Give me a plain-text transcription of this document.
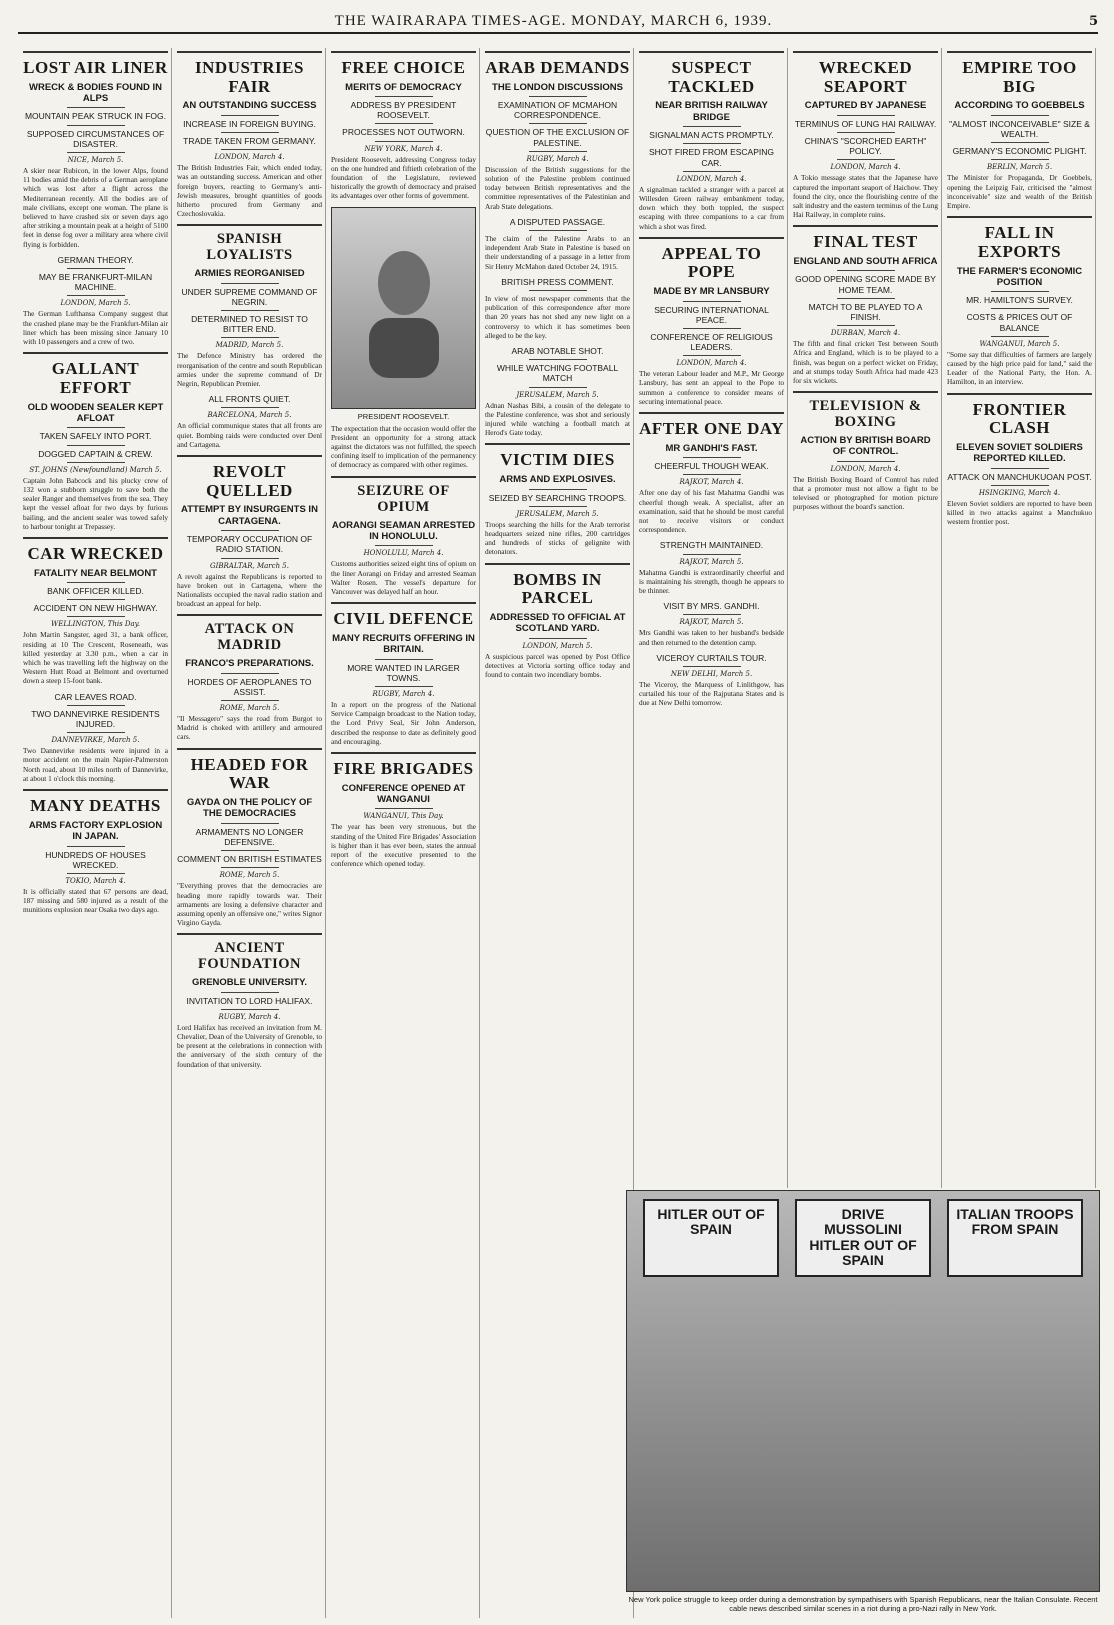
THE WAIRARAPA TIMES-AGE. MONDAY, MARCH 6, 1939.	5
LOST AIR LINER
WRECK & BODIES FOUND IN ALPS
MOUNTAIN PEAK STRUCK IN FOG.
SUPPOSED CIRCUMSTANCES OF DISASTER.
NICE, March 5.

A skier near Rubicon, in the lower Alps, found 11 bodies amid the debris of a German aeroplane which was lost after a flight across the Mediterranean recently. All the bodies are of male civilians, except one woman. The plane is believed to have crashed six or seven days ago after striking a mountain peak at a height of 5100 feet in dense fog over a military area where civil flying is forbidden.

GERMAN THEORY.
MAY BE FRANKFURT-MILAN MACHINE.
LONDON, March 5.

The German Lufthansa Company suggest that the crashed plane may be the Frankfurt-Milan air liner which has been missing since January 10 with 10 passengers and a crew of two.

GALLANT EFFORT
OLD WOODEN SEALER KEPT AFLOAT
TAKEN SAFELY INTO PORT.
DOGGED CAPTAIN & CREW.
ST. JOHNS (Newfoundland) March 5.

Captain John Babcock and his plucky crew of 132 won a stubborn struggle to save both the sealer Ranger and themselves from the sea. They kept the vessel afloat for two days by furious bailing, and the ancient sealer was towed safely to harbour tonight at Trepassey.

CAR WRECKED
FATALITY NEAR BELMONT
BANK OFFICER KILLED.
ACCIDENT ON NEW HIGHWAY.
WELLINGTON, This Day.

John Martin Sangster, aged 31, a bank officer, residing at 10 The Crescent, Roseneath, was killed yesterday at 3.30 p.m., when a car in which he was travelling left the highway on the Western Hutt Road at Belmont and overturned down a steep 15-foot bank.

CAR LEAVES ROAD.
TWO DANNEVIRKE RESIDENTS INJURED.
DANNEVIRKE, March 5.

Two Dannevirke residents were injured in a motor accident on the main Napier-Palmerston North road, about 10 miles north of Dannevirke, at about 1 o'clock this morning.

MANY DEATHS
ARMS FACTORY EXPLOSION IN JAPAN.
HUNDREDS OF HOUSES WRECKED.
TOKIO, March 4.

It is officially stated that 67 persons are dead, 187 missing and 580 injured as a result of the munitions explosion near Osaka two days ago.

INDUSTRIES FAIR
AN OUTSTANDING SUCCESS
INCREASE IN FOREIGN BUYING.
TRADE TAKEN FROM GERMANY.
LONDON, March 4.

The British Industries Fair, which ended today, was an outstanding success. American and other foreign buyers, reacting to Germany's anti-Jewish measures, brought quantities of goods hitherto procured from Germany and Czechoslovakia.

SPANISH LOYALISTS
ARMIES REORGANISED
UNDER SUPREME COMMAND OF NEGRIN.
DETERMINED TO RESIST TO BITTER END.
MADRID, March 5.

The Defence Ministry has ordered the reorganisation of the centre and south Republican armies under the supreme command of Dr Negrin, Republican Premier.

ALL FRONTS QUIET.
BARCELONA, March 5.

An official communique states that all fronts are quiet. Bombing raids were conducted over Denl and Cartagena.

REVOLT QUELLED
ATTEMPT BY INSURGENTS IN CARTAGENA.
TEMPORARY OCCUPATION OF RADIO STATION.
GIBRALTAR, March 5.

A revolt against the Republicans is reported to have broken out in Cartagena, where the Nationalists occupied the naval radio station and broadcast an appeal for help.

ATTACK ON MADRID
FRANCO'S PREPARATIONS.
HORDES OF AEROPLANES TO ASSIST.
ROME, March 5.

"Il Messagero" says the road from Burgot to Madrid is choked with artillery and armoured cars.

HEADED FOR WAR
GAYDA ON THE POLICY OF THE DEMOCRACIES
ARMAMENTS NO LONGER DEFENSIVE.
COMMENT ON BRITISH ESTIMATES
ROME, March 5.

"Everything proves that the democracies are heading more rapidly towards war. Their armaments are losing a defensive character and assuming openly an offensive one," writes Signor Virgino Gayda.

ANCIENT FOUNDATION
GRENOBLE UNIVERSITY.
INVITATION TO LORD HALIFAX.
RUGBY, March 4.

Lord Halifax has received an invitation from M. Chevalier, Dean of the University of Grenoble, to be present at the celebrations in connection with the anniversary of the sixth century of the foundation of that university.

FREE CHOICE
MERITS OF DEMOCRACY
ADDRESS BY PRESIDENT ROOSEVELT.
PROCESSES NOT OUTWORN.
NEW YORK, March 4.

President Roosevelt, addressing Congress today on the one hundred and fiftieth celebration of the foundation of the Legislature, reviewed historically the growth of democracy and praised its advantages over other forms of government.

PRESIDENT ROOSEVELT.

The expectation that the occasion would offer the President an opportunity for a strong attack against the dictators was not fulfilled, the speech confining itself to implication of the permanency of democracy as compared with other regimes.

SEIZURE OF OPIUM
AORANGI SEAMAN ARRESTED IN HONOLULU.
HONOLULU, March 4.

Customs authorities seized eight tins of opium on the liner Aorangi on Friday and arrested Seaman Walter Rosen. The vessel's departure for Vancouver was delayed half an hour.

CIVIL DEFENCE
MANY RECRUITS OFFERING IN BRITAIN.
MORE WANTED IN LARGER TOWNS.
RUGBY, March 4.

In a report on the progress of the National Service Campaign broadcast to the Nation today, the Lord Privy Seal, Sir John Anderson, described the response to date as definitely good and encouraging.

FIRE BRIGADES
CONFERENCE OPENED AT WANGANUI
WANGANUI, This Day.

The year has been very strenuous, but the standing of the United Fire Brigades' Association is higher than it has ever been, states the annual report of the executive presented to the conference which opened today.

ARAB DEMANDS
THE LONDON DISCUSSIONS
EXAMINATION OF MCMAHON CORRESPONDENCE.
QUESTION OF THE EXCLUSION OF PALESTINE.
RUGBY, March 4.

Discussion of the British suggestions for the solution of the Palestine problem continued today between British representatives and the committee representatives of the Palestinian and Arab State delegations.

A DISPUTED PASSAGE.

The claim of the Palestine Arabs to an independent Arab State in Palestine is based on their understanding of a passage in a letter from Sir Henry McMahon dated October 24, 1915.

BRITISH PRESS COMMENT.

In view of most newspaper comments that the publication of this correspondence after more than 20 years has not shed any new light on a controversy to which it has sometimes been alleged to be the key.

ARAB NOTABLE SHOT.
WHILE WATCHING FOOTBALL MATCH
JERUSALEM, March 5.

Adnan Nashas Bibi, a cousin of the delegate to the Palestine conference, was shot and seriously injured while watching a football match at Herod's Gate today.

VICTIM DIES
ARMS AND EXPLOSIVES.
SEIZED BY SEARCHING TROOPS.
JERUSALEM, March 5.

Troops searching the hills for the Arab terrorist headquarters seized nine rifles, 200 cartridges and hundreds of sticks of gelignite with detonators.

BOMBS IN PARCEL
ADDRESSED TO OFFICIAL AT SCOTLAND YARD.
LONDON, March 5.

A suspicious parcel was opened by Post Office detectives at Victoria sorting office today and found to contain two incendiary bombs.

SUSPECT TACKLED
NEAR BRITISH RAILWAY BRIDGE
SIGNALMAN ACTS PROMPTLY.
SHOT FIRED FROM ESCAPING CAR.
LONDON, March 4.

A signalman tackled a stranger with a parcel at Willesden Green railway embankment today, down which they both toppled, the suspect escaping with three companions to a car from which a shot was fired.

APPEAL TO POPE
MADE BY MR LANSBURY
SECURING INTERNATIONAL PEACE.
CONFERENCE OF RELIGIOUS LEADERS.
LONDON, March 4.

The veteran Labour leader and M.P., Mr George Lansbury, has sent an appeal to the Pope to summon a conference to consider means of securing international peace.

AFTER ONE DAY
MR GANDHI'S FAST.
CHEERFUL THOUGH WEAK.
RAJKOT, March 4.

After one day of his fast Mahatma Gandhi was cheerful though weak. A specialist, after an examination, said that he should be most careful not to receive visitors or conduct correspondence.

STRENGTH MAINTAINED.
RAJKOT, March 5.

Mahatma Gandhi is extraordinarily cheerful and is maintaining his strength, though he appears to be thinner.

VISIT BY MRS. GANDHI.
RAJKOT, March 5.

Mrs Gandhi was taken to her husband's bedside and then returned to the detention camp.

VICEROY CURTAILS TOUR.
NEW DELHI, March 5.

The Viceroy, the Marquess of Linlithgow, has curtailed his tour of the Rajputana States and is due at New Delhi tomorrow.

WRECKED SEAPORT
CAPTURED BY JAPANESE
TERMINUS OF LUNG HAI RAILWAY.
CHINA'S "SCORCHED EARTH" POLICY.
LONDON, March 4.

A Tokio message states that the Japanese have captured the important seaport of Haichow. They found the city, once the flourishing centre of the salt industry and the eastern terminus of the Lung Hai Railway, in complete ruins.

FINAL TEST
ENGLAND AND SOUTH AFRICA
GOOD OPENING SCORE MADE BY HOME TEAM.
MATCH TO BE PLAYED TO A FINISH.
DURBAN, March 4.

The fifth and final cricket Test between South Africa and England, which is to be played to a finish, was begun on a perfect wicket on Friday, and at stumps today South Africa had made 423 for six wickets.

TELEVISION & BOXING
ACTION BY BRITISH BOARD OF CONTROL.
LONDON, March 4.

The British Boxing Board of Control has ruled that a promoter must not allow a fight to be televised or photographed for motion picture purposes without the board's sanction.

EMPIRE TOO BIG
ACCORDING TO GOEBBELS
"ALMOST INCONCEIVABLE" SIZE & WEALTH.
GERMANY'S ECONOMIC PLIGHT.
BERLIN, March 5.

The Minister for Propaganda, Dr Goebbels, opening the Leipzig Fair, criticised the "almost inconceivable" size and wealth of the British Empire.

FALL IN EXPORTS
THE FARMER'S ECONOMIC POSITION
MR. HAMILTON'S SURVEY.
COSTS & PRICES OUT OF BALANCE
WANGANUI, March 5.

"Some say that difficulties of farmers are largely caused by the high price paid for land," said the Leader of the National Party, the Hon. A. Hamilton, in an interview.

FRONTIER CLASH
ELEVEN SOVIET SOLDIERS REPORTED KILLED.
ATTACK ON MANCHUKUOAN POST.
HSINGKING, March 4.

Eleven Soviet soldiers are reported to have been killed in two attacks against a Manchukuo western frontier post.

HITLER OUT OF SPAIN
DRIVE MUSSOLINI HITLER OUT OF SPAIN
ITALIAN TROOPS FROM SPAIN
New York police struggle to keep order during a demonstration by sympathisers with Spanish Republicans, near the Italian Consulate. Recent cable news described similar scenes in a riot during a pro-Nazi rally in New York.
